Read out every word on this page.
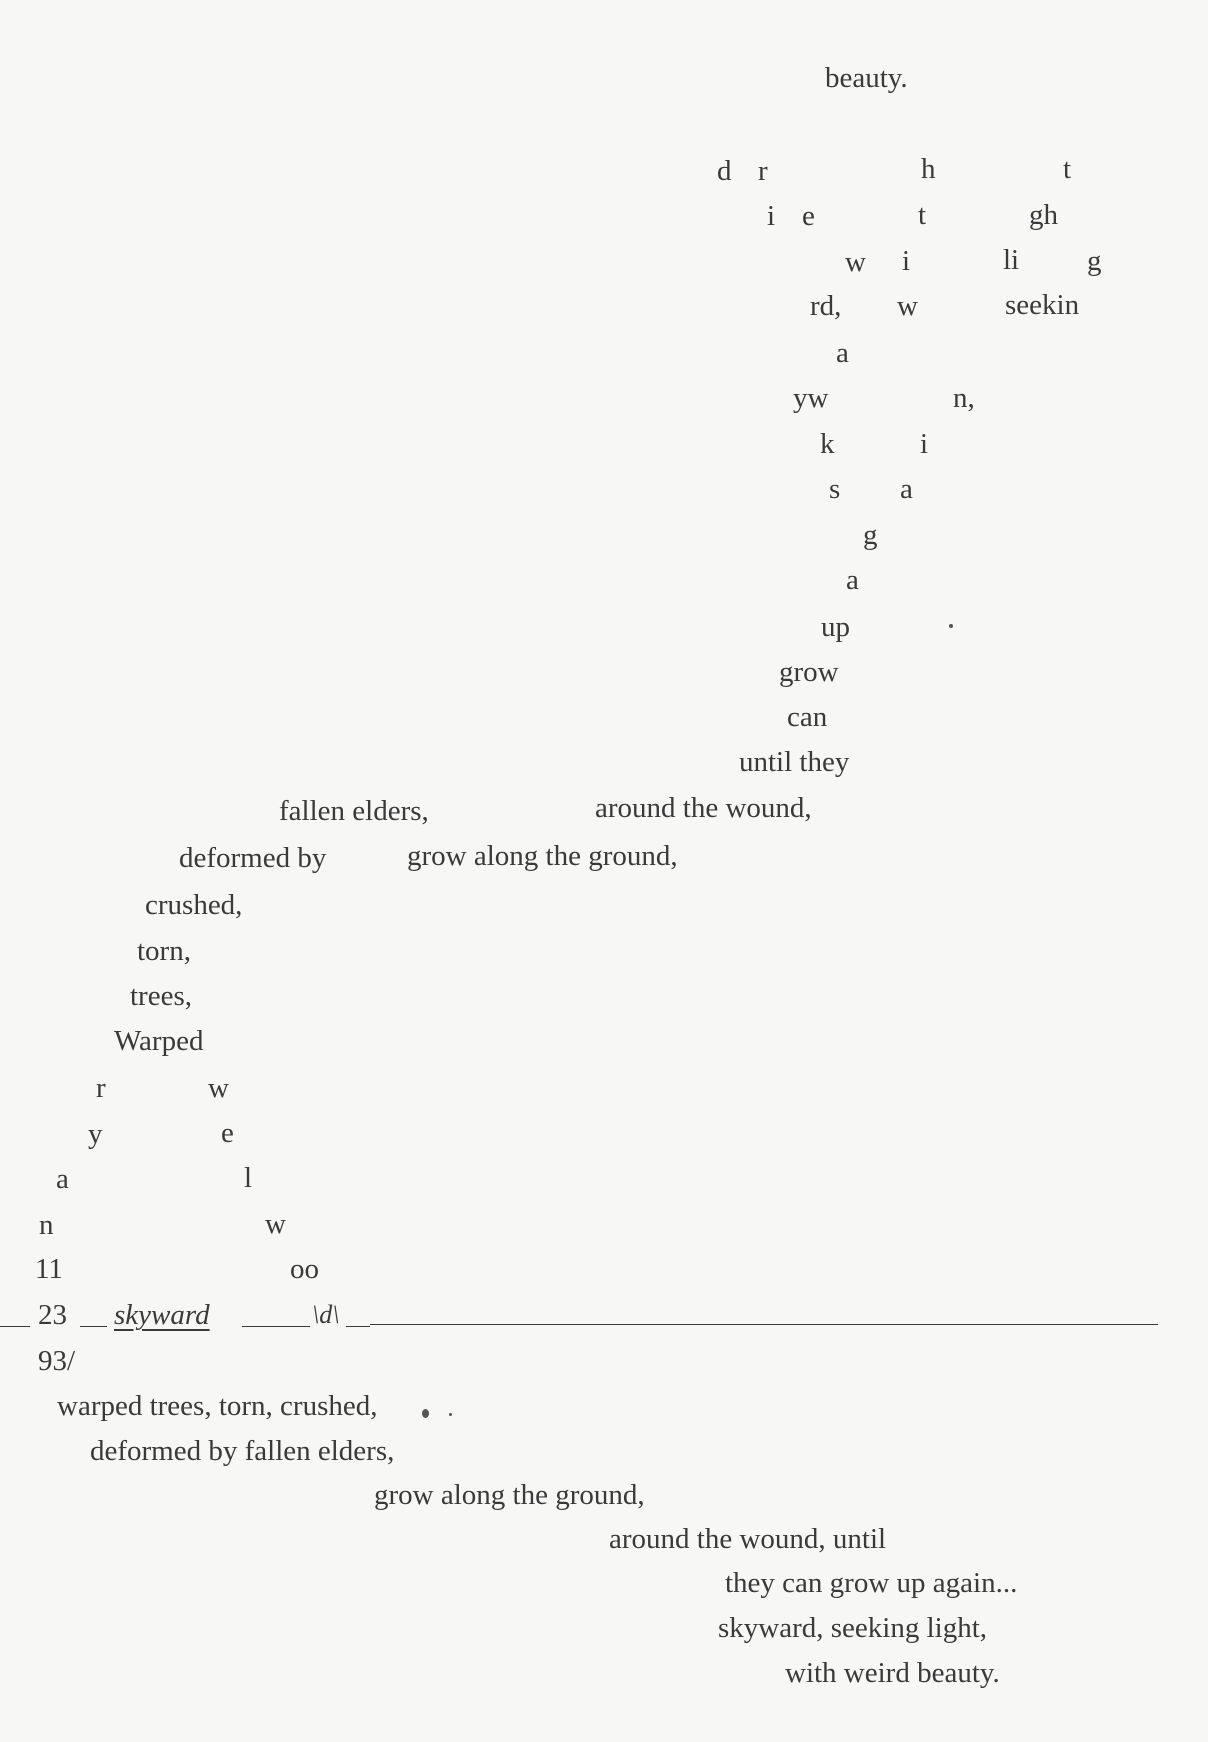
beauty.
d r	h	t
i e	t	gh
w i	li g
rd, w	seekin
a
yw	n,
k	i
s a
g
a
up
grow
can
until they
fallen elders,	around the wound,
deformed by	grow along the ground,
crushed,
torn,
trees,
Warped
r	w
y	e
a	l
n	w
11	oo
23 skyward	\d\
93/
warped trees, torn, crushed,
deformed by fallen elders,
grow along the ground,
around the wound, until
they can grow up again...
skyward, seeking light,
with weird beauty.
